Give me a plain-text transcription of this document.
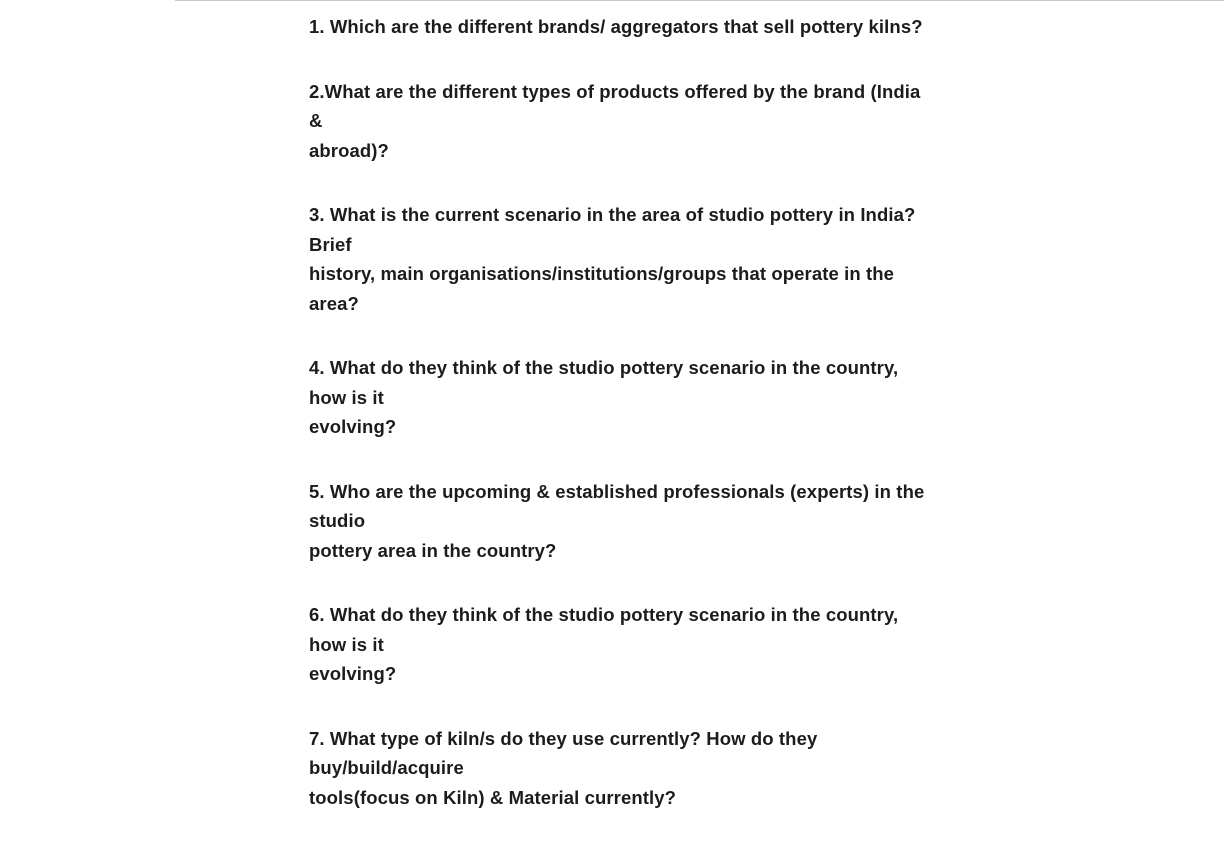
1. Which are the different brands/ aggregators that sell pottery kilns?
2.What are the different types of products offered by the brand (India &
abroad)?
3. What is the current scenario in the area of studio pottery in India? Brief
history, main organisations/institutions/groups that operate in the area?
4. What do they think of the studio pottery scenario in the country, how is it
evolving?
5. Who are the upcoming & established professionals (experts) in the studio
pottery area in the country?
6. What do they think of the studio pottery scenario in the country, how is it
evolving?
7. What type of kiln/s do they use currently? How do they buy/build/acquire
tools(focus on Kiln) & Material currently?
